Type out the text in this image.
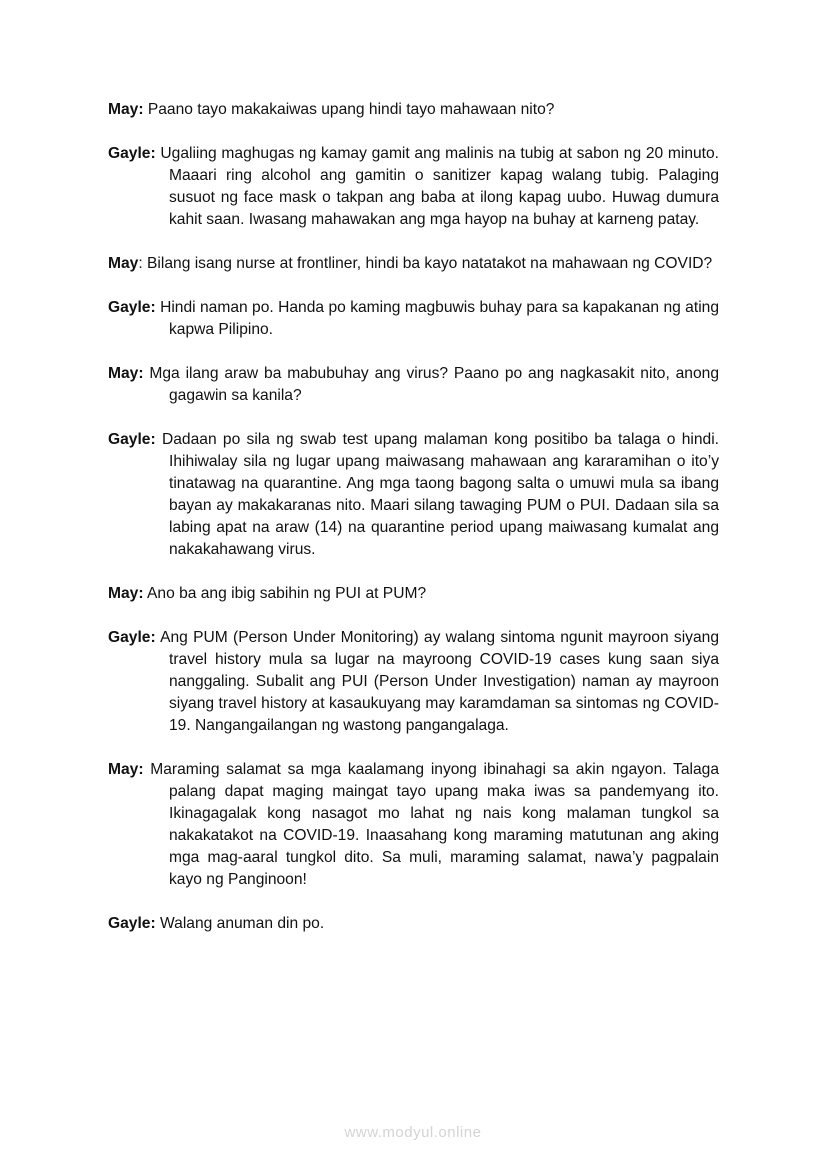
May: Paano tayo makakaiwas upang hindi tayo mahawaan nito?

Gayle: Ugaliing maghugas ng kamay gamit ang malinis na tubig at sabon ng 20 minuto. Maaari ring alcohol ang gamitin o sanitizer kapag walang tubig. Palaging susuot ng face mask o takpan ang baba at ilong kapag uubo. Huwag dumura kahit saan. Iwasang mahawakan ang mga hayop na buhay at karneng patay.

May: Bilang isang nurse at frontliner, hindi ba kayo natatakot na mahawaan ng COVID?

Gayle: Hindi naman po. Handa po kaming magbuwis buhay para sa kapakanan ng ating kapwa Pilipino.

May: Mga ilang araw ba mabubuhay ang virus? Paano po ang nagkasakit nito, anong gagawin sa kanila?

Gayle: Dadaan po sila ng swab test upang malaman kong positibo ba talaga o hindi. Ihihiwalay sila ng lugar upang maiwasang mahawaan ang kararamihan o ito’y tinatawag na quarantine. Ang mga taong bagong salta o umuwi mula sa ibang bayan ay makakaranas nito. Maari silang tawaging PUM o PUI. Dadaan sila sa labing apat na araw (14) na quarantine period upang maiwasang kumalat ang nakakahawang virus.

May: Ano ba ang ibig sabihin ng PUI at PUM?

Gayle: Ang PUM (Person Under Monitoring) ay walang sintoma ngunit mayroon siyang travel history mula sa lugar na mayroong COVID-19 cases kung saan siya nanggaling. Subalit ang PUI (Person Under Investigation) naman ay mayroon siyang travel history at kasaukuyang may karamdaman sa sintomas ng COVID-19. Nangangailangan ng wastong pangangalaga.

May: Maraming salamat sa mga kaalamang inyong ibinahagi sa akin ngayon. Talaga palang dapat maging maingat tayo upang maka iwas sa pandemyang ito. Ikinagagalak kong nasagot mo lahat ng nais kong malaman tungkol sa nakakatakot na COVID-19. Inaasahang kong maraming matutunan ang aking mga mag-aaral tungkol dito. Sa muli, maraming salamat, nawa’y pagpalain kayo ng Panginoon!

Gayle: Walang anuman din po.

www.modyul.online
